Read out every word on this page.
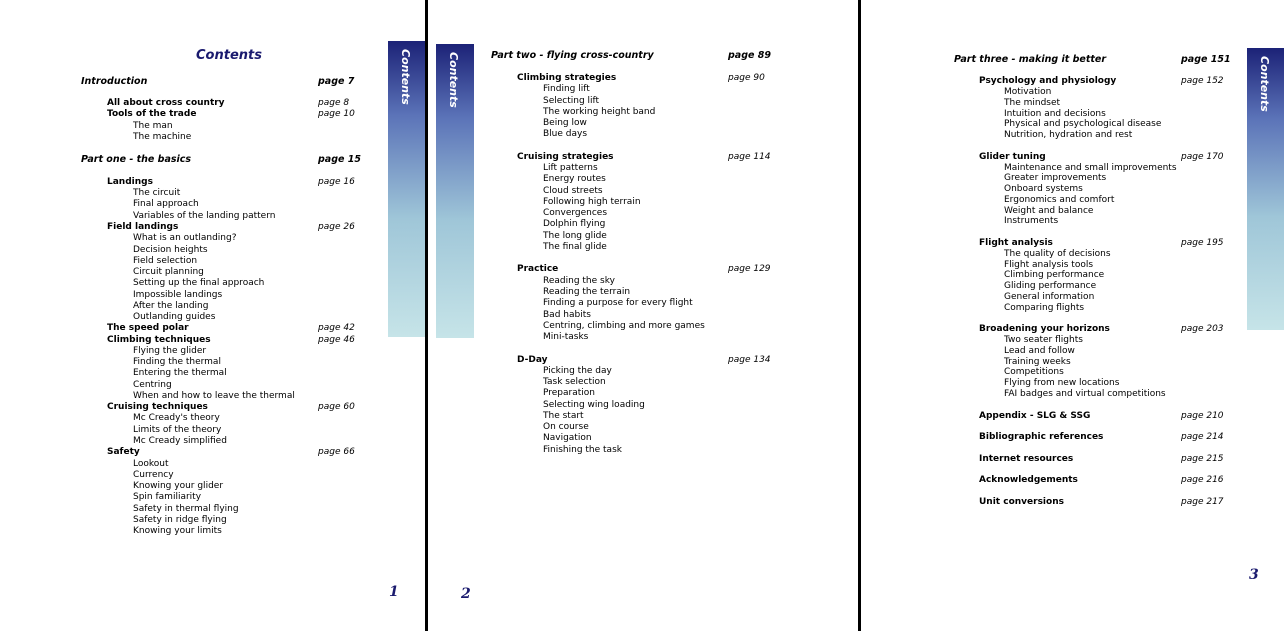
Contents
Introduction	page 7
All about cross country	page 8
Tools of the trade	page 10
The man
The machine
Part one - the basics	page 15
Landings	page 16
The circuit
Final approach
Variables of the landing pattern
Field landings	page 26
What is an outlanding?
Decision heights
Field selection
Circuit planning
Setting up the final approach
Impossible landings
After the landing
Outlanding guides
The speed polar	page 42
Climbing techniques	page 46
Flying the glider
Finding the thermal
Entering the thermal
Centring
When and how to leave the thermal
Cruising techniques	page 60
Mc Cready's theory
Limits of the theory
Mc Cready simplified
Safety	page 66
Lookout
Currency
Knowing your glider
Spin familiarity
Safety in thermal flying
Safety in ridge flying
Knowing your limits
Contents
1
Part two - flying cross-country	page 89
Climbing strategies	page 90
Finding lift
Selecting lift
The working height band
Being low
Blue days
Cruising strategies	page 114
Lift patterns
Energy routes
Cloud streets
Following high terrain
Convergences
Dolphin flying
The long glide
The final glide
Practice	page 129
Reading the sky
Reading the terrain
Finding a purpose for every flight
Bad habits
Centring, climbing and more games
Mini-tasks
D-Day	page 134
Picking the day
Task selection
Preparation
Selecting wing loading
The start
On course
Navigation
Finishing the task
Contents
2
Part three - making it better	page 151
Psychology and physiology	page 152
Motivation
The mindset
Intuition and decisions
Physical and psychological disease
Nutrition, hydration and rest
Glider tuning	page 170
Maintenance and small improvements
Greater improvements
Onboard systems
Ergonomics and comfort
Weight and balance
Instruments
Flight analysis	page 195
The quality of decisions
Flight analysis tools
Climbing performance
Gliding performance
General information
Comparing flights
Broadening your horizons	page 203
Two seater flights
Lead and follow
Training weeks
Competitions
Flying from new locations
FAI badges and virtual competitions
Appendix - SLG & SSG	page 210
Bibliographic references	page 214
Internet resources	page 215
Acknowledgements	page 216
Unit conversions	page 217
Contents
3
